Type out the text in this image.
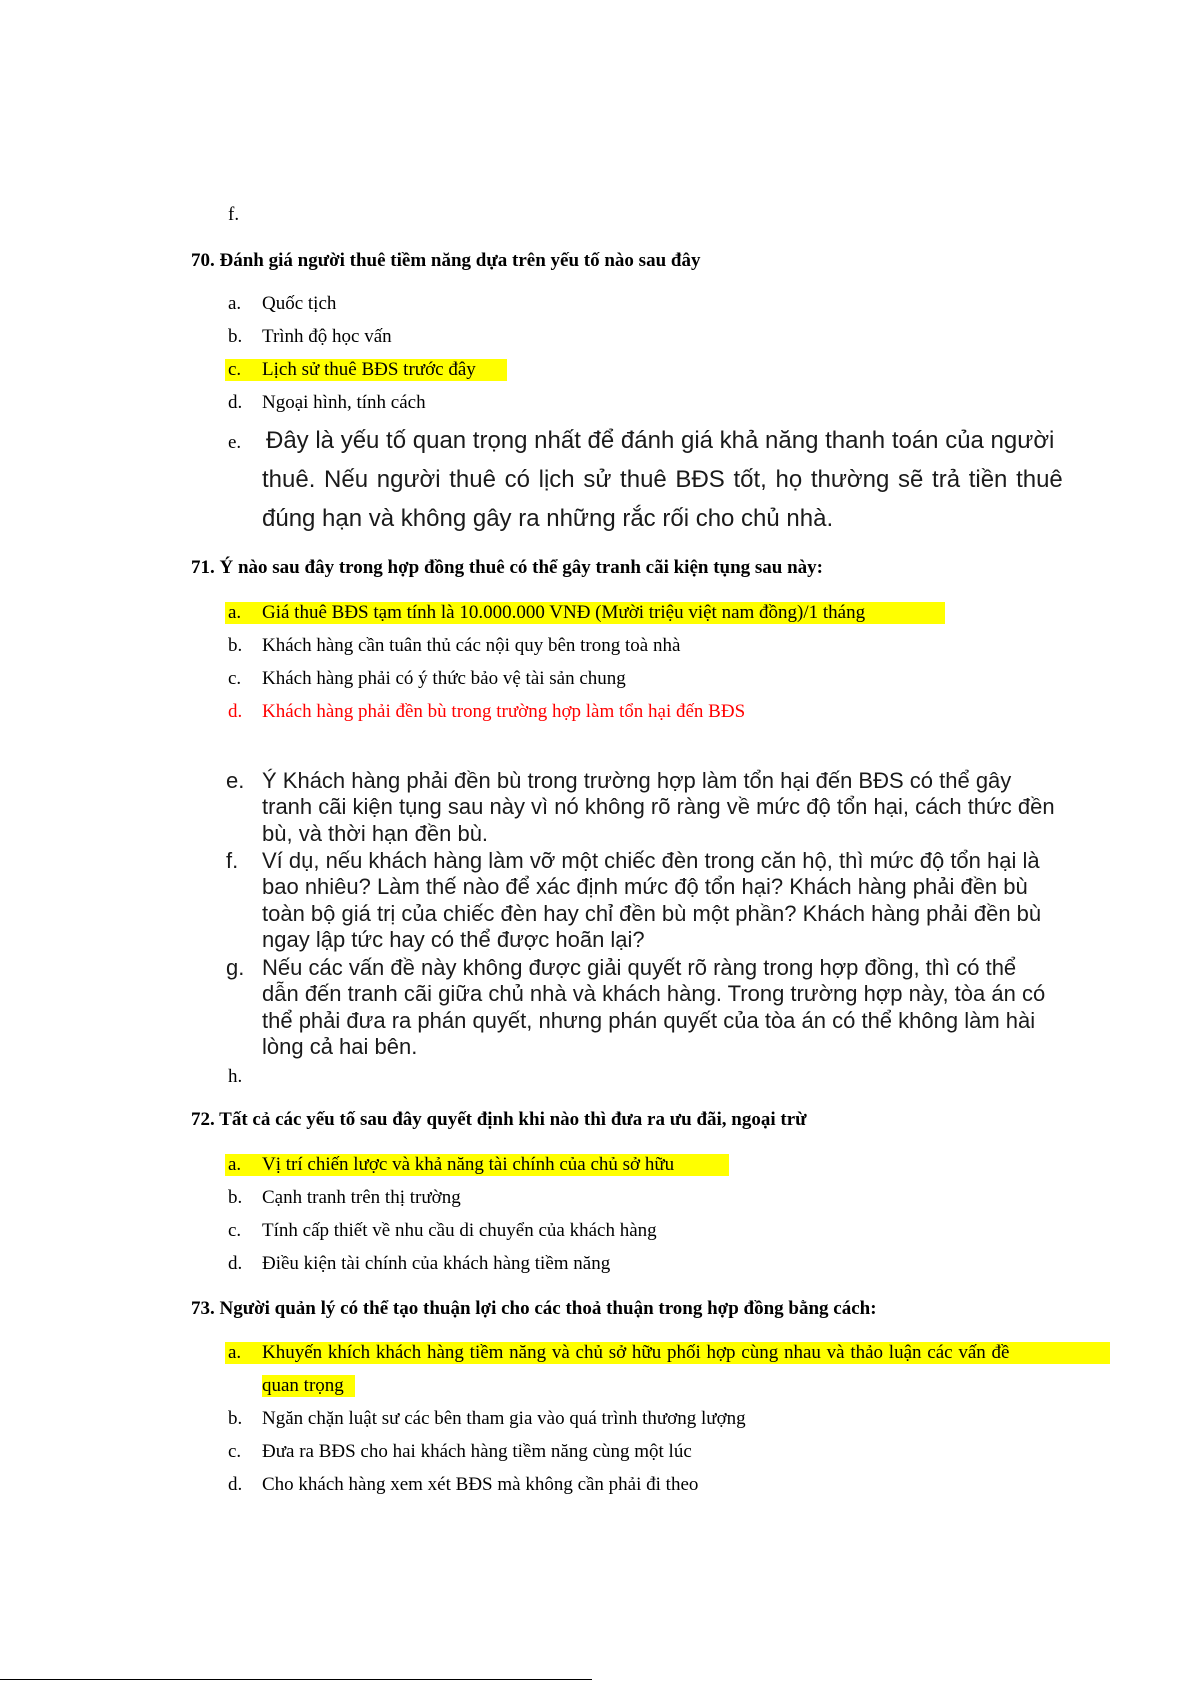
f.
70. Đánh giá người thuê tiềm năng dựa trên yếu tố nào sau đây
a. Quốc tịch
b. Trình độ học vấn
c. Lịch sử thuê BĐS trước đây
d. Ngoại hình, tính cách
e. Đây là yếu tố quan trọng nhất để đánh giá khả năng thanh toán của người
thuê. Nếu người thuê có lịch sử thuê BĐS tốt, họ thường sẽ trả tiền thuê
đúng hạn và không gây ra những rắc rối cho chủ nhà.
71. Ý nào sau đây trong hợp đồng thuê có thể gây tranh cãi kiện tụng sau này:
a. Giá thuê BĐS tạm tính là 10.000.000 VNĐ (Mười triệu việt nam đồng)/1 tháng
b. Khách hàng cần tuân thủ các nội quy bên trong toà nhà
c. Khách hàng phải có ý thức bảo vệ tài sản chung
d. Khách hàng phải đền bù trong trường hợp làm tổn hại đến BĐS
e. Ý Khách hàng phải đền bù trong trường hợp làm tổn hại đến BĐS có thể gây
tranh cãi kiện tụng sau này vì nó không rõ ràng về mức độ tổn hại, cách thức đền
bù, và thời hạn đền bù.
f. Ví dụ, nếu khách hàng làm vỡ một chiếc đèn trong căn hộ, thì mức độ tổn hại là
bao nhiêu? Làm thế nào để xác định mức độ tổn hại? Khách hàng phải đền bù
toàn bộ giá trị của chiếc đèn hay chỉ đền bù một phần? Khách hàng phải đền bù
ngay lập tức hay có thể được hoãn lại?
g. Nếu các vấn đề này không được giải quyết rõ ràng trong hợp đồng, thì có thể
dẫn đến tranh cãi giữa chủ nhà và khách hàng. Trong trường hợp này, tòa án có
thể phải đưa ra phán quyết, nhưng phán quyết của tòa án có thể không làm hài
lòng cả hai bên.
h.
72. Tất cả các yếu tố sau đây quyết định khi nào thì đưa ra ưu đãi, ngoại trừ
a. Vị trí chiến lược và khả năng tài chính của chủ sở hữu
b. Cạnh tranh trên thị trường
c. Tính cấp thiết về nhu cầu di chuyển của khách hàng
d. Điều kiện tài chính của khách hàng tiềm năng
73. Người quản lý có thể tạo thuận lợi cho các thoả thuận trong hợp đồng bằng cách:
a. Khuyến khích khách hàng tiềm năng và chủ sở hữu phối hợp cùng nhau và thảo luận các vấn đề
quan trọng
b. Ngăn chặn luật sư các bên tham gia vào quá trình thương lượng
c. Đưa ra BĐS cho hai khách hàng tiềm năng cùng một lúc
d. Cho khách hàng xem xét BĐS mà không cần phải đi theo
